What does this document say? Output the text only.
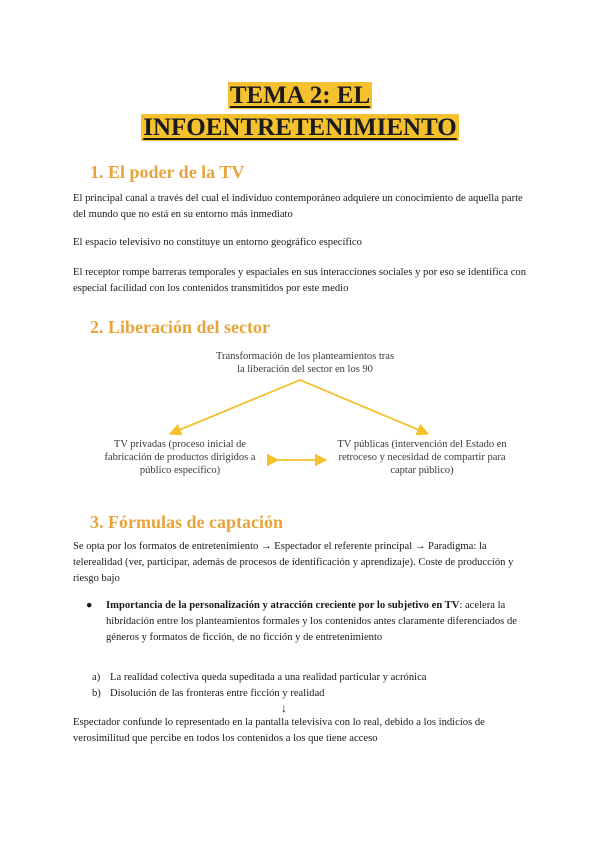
TEMA 2: EL
INFOENTRETENIMIENTO
1. El poder de la TV

El principal canal a través del cual el individuo contemporáneo adquiere un conocimiento de aquella parte del mundo que no está en su entorno más inmediato

El espacio televisivo no constituye un entorno geográfico específico

El receptor rompe barreras temporales y espaciales en sus interacciones sociales y por eso se identifica con especial facilidad con los contenidos transmitidos por este medio

2. Liberación del sector
Transformación de los planteamientos tras la liberación del sector en los 90
TV privadas (proceso inicial de fabricación de productos dirigidos a público específico)
TV públicas (intervención del Estado en retroceso y necesidad de compartir para captar público)
3. Fórmulas de captación

Se opta por los formatos de entretenimiento → Espectador el referente principal → Paradigma: la telerealidad (ver, participar, además de procesos de identificación y aprendizaje). Coste de producción y riesgo bajo

● Importancia de la personalización y atracción creciente por lo subjetivo en TV: acelera la hibridación entre los planteamientos formales y los contenidos antes claramente diferenciados de géneros y formatos de ficción, de no ficción y de entretenimiento
a) La realidad colectiva queda supeditada a una realidad particular y acrónica
b) Disolución de las fronteras entre ficción y realidad
↓

Espectador confunde lo representado en la pantalla televisiva con lo real, debido a los indicios de verosimilitud que percibe en todos los contenidos a los que tiene acceso
